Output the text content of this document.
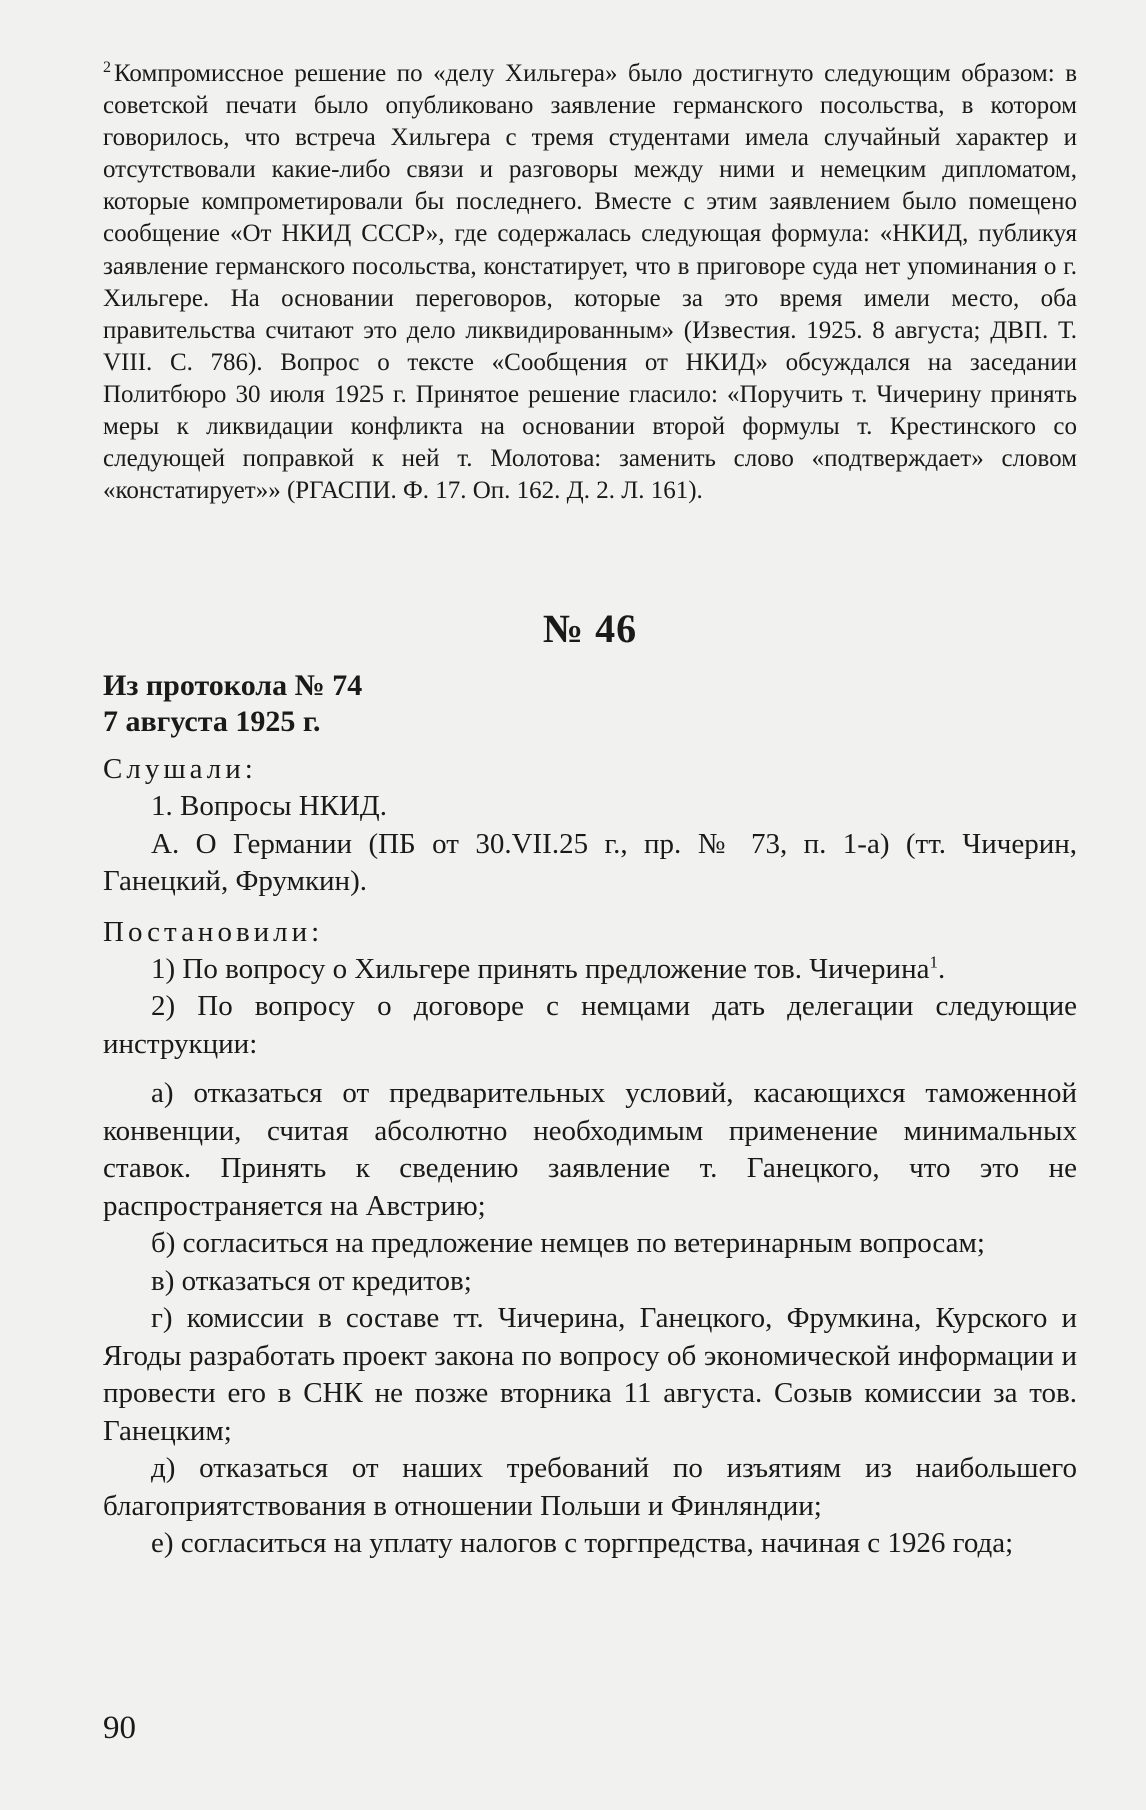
$^2$ Компромиссное решение по «делу Хильгера» было достигнуто следующим образом: в советской печати было опубликовано заявление германского посольства, в котором говорилось, что встреча Хильгера с тремя студентами имела случайный характер и отсутствовали какие-либо связи и разговоры между ними и немецким дипломатом, которые компрометировали бы последнего. Вместе с этим заявлением было помещено сообщение «От НКИД СССР», где содержалась следующая формула: «НКИД, публикуя заявление германского посольства, констатирует, что в приговоре суда нет упоминания о г. Хильгере. На основании переговоров, которые за это время имели место, оба правительства считают это дело ликвидированным» (Известия. 1925. 8 августа; ДВП. Т. VIII. С. 786). Вопрос о тексте «Сообщения от НКИД» обсуждался на заседании Политбюро 30 июля 1925 г. Принятое решение гласило: «Поручить т. Чичерину принять меры к ликвидации конфликта на основании второй формулы т. Крестинского со следующей поправкой к ней т. Молотова: заменить слово «подтверждает» словом «констатирует»» (РГАСПИ. Ф. 17. Оп. 162. Д. 2. Л. 161).

№ 46

Из протокола № 74

7 августа 1925 г.

Слушали:

1. Вопросы НКИД.

А. О Германии (ПБ от 30.VII.25 г., пр. № 73, п. 1-а) (тт. Чичерин, Ганецкий, Фрумкин).

Постановили:

1) По вопросу о Хильгере принять предложение тов. Чичерина$^1$.

2) По вопросу о договоре с немцами дать делегации следующие инструкции:

а) отказаться от предварительных условий, касающихся таможенной конвенции, считая абсолютно необходимым применение минимальных ставок. Принять к сведению заявление т. Ганецкого, что это не распространяется на Австрию;

б) согласиться на предложение немцев по ветеринарным вопросам;

в) отказаться от кредитов;

г) комиссии в составе тт. Чичерина, Ганецкого, Фрумкина, Курского и Ягоды разработать проект закона по вопросу об экономической информации и провести его в СНК не позже вторника 11 августа. Созыв комиссии за тов. Ганецким;

д) отказаться от наших требований по изъятиям из наибольшего благоприятствования в отношении Польши и Финляндии;

е) согласиться на уплату налогов с торгпредства, начиная с 1926 года;

90
